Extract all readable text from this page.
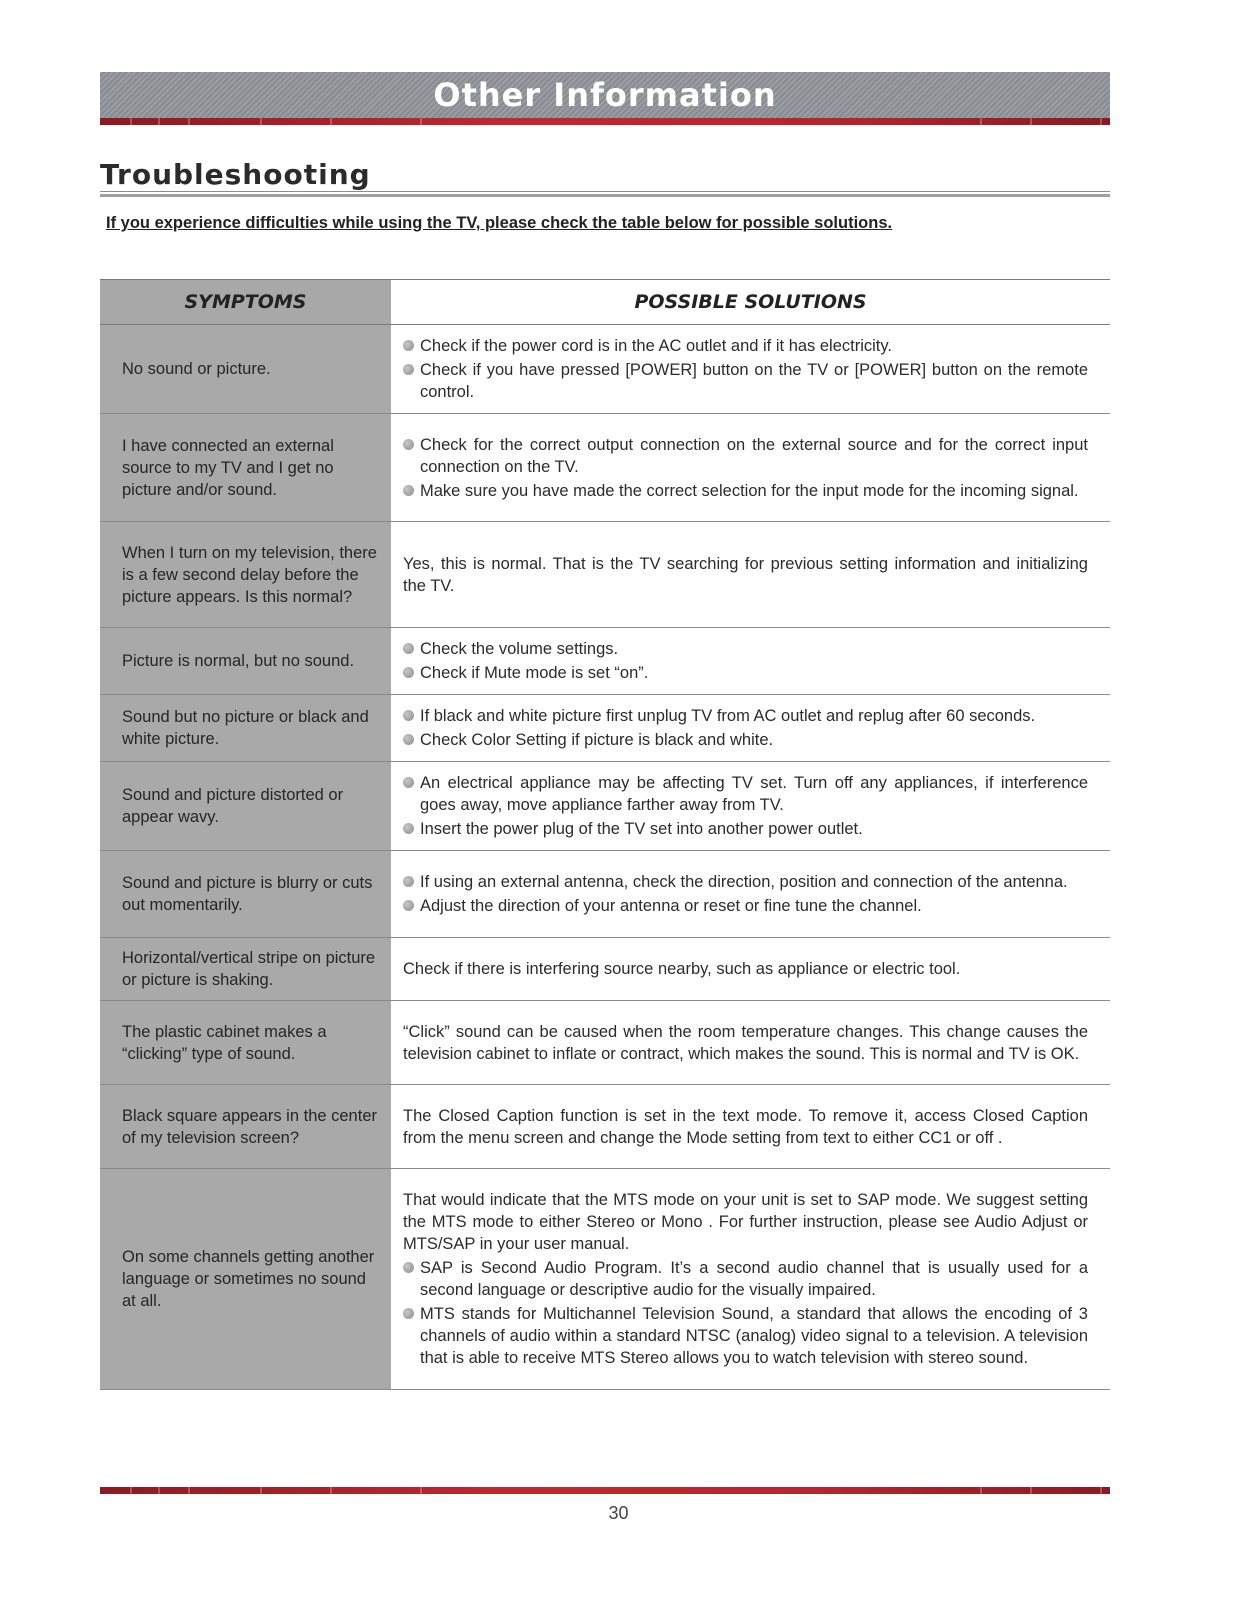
Other Information
Troubleshooting
If you experience difficulties while using the TV, please check the table below for possible solutions.
SYMPTOMS	POSSIBLE SOLUTIONS
No sound or picture.	Check if the power cord is in the AC outlet and if it has electricity.
Check if you have pressed [POWER] button on the TV or [POWER] button on the remote control.

I have connected an external source to my TV and I get no picture and/or sound.	Check for the correct output connection on the external source and for the correct input connection on the TV.
Make sure you have made the correct selection for the input mode for the incoming signal.

When I turn on my television, there is a few second delay before the picture appears. Is this normal?	Yes, this is normal. That is the TV searching for previous setting information and initializing the TV.

Picture is normal, but no sound.	Check the volume settings.
Check if Mute mode is set “on”.

Sound but no picture or black and white picture.	If black and white picture first unplug TV from AC outlet and replug after 60 seconds.
Check Color Setting if picture is black and white.

Sound and picture distorted or appear wavy.	An electrical appliance may be affecting TV set. Turn off any appliances, if interference goes away, move appliance farther away from TV.
Insert the power plug of the TV set into another power outlet.

Sound and picture is blurry or cuts out momentarily.	If using an external antenna, check the direction, position and connection of the antenna.
Adjust the direction of your antenna or reset or fine tune the channel.

Horizontal/vertical stripe on picture or picture is shaking.	Check if there is interfering source nearby, such as appliance or electric tool.

The plastic cabinet makes a “clicking” type of sound.	“Click” sound can be caused when the room temperature changes. This change causes the television cabinet to inflate or contract, which makes the sound. This is normal and TV is OK.

Black square appears in the center of my television screen?	The Closed Caption function is set in the text mode. To remove it, access Closed Caption from the menu screen and change the Mode setting from text to either CC1 or off .

On some channels getting another language or sometimes no sound at all.	That would indicate that the MTS mode on your unit is set to SAP mode. We suggest setting the MTS mode to either Stereo or Mono . For further instruction, please see Audio Adjust or MTS/SAP in your user manual.
SAP is Second Audio Program. It’s a second audio channel that is usually used for a second language or descriptive audio for the visually impaired.
MTS stands for Multichannel Television Sound, a standard that allows the encoding of 3 channels of audio within a standard NTSC (analog) video signal to a television. A television that is able to receive MTS Stereo allows you to watch television with stereo sound.
30
